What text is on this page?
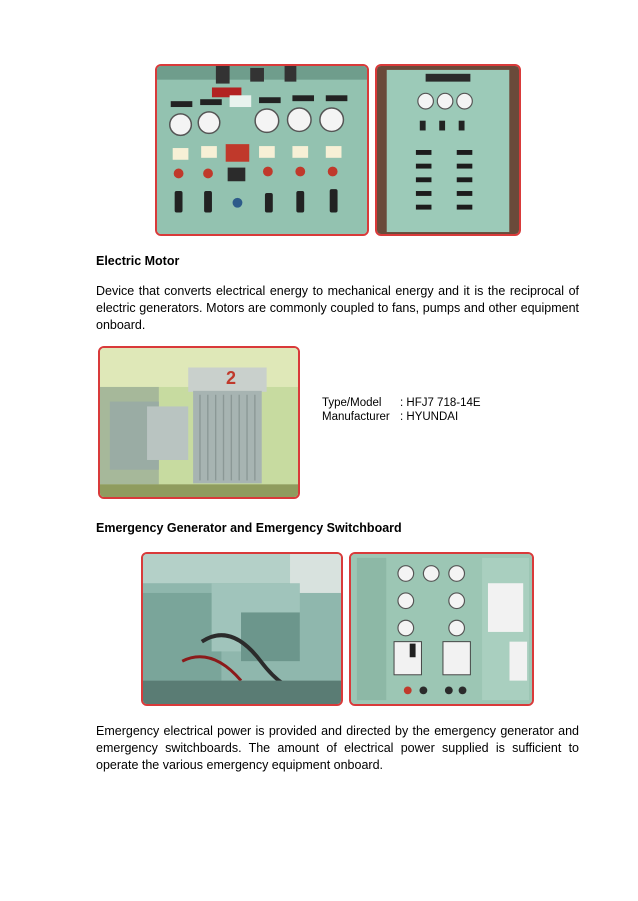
Electric Motor

Device that converts electrical energy to mechanical energy and it is the reciprocal of electric generators. Motors are commonly coupled to fans, pumps and other equipment onboard.

2
Type/Model	: HFJ7 718-14E
Manufacturer : HYUNDAI
Emergency Generator and Emergency Switchboard

Emergency electrical power is provided and directed by the emergency generator and emergency switchboards. The amount of electrical power supplied is sufficient to operate the various emergency equipment onboard.
